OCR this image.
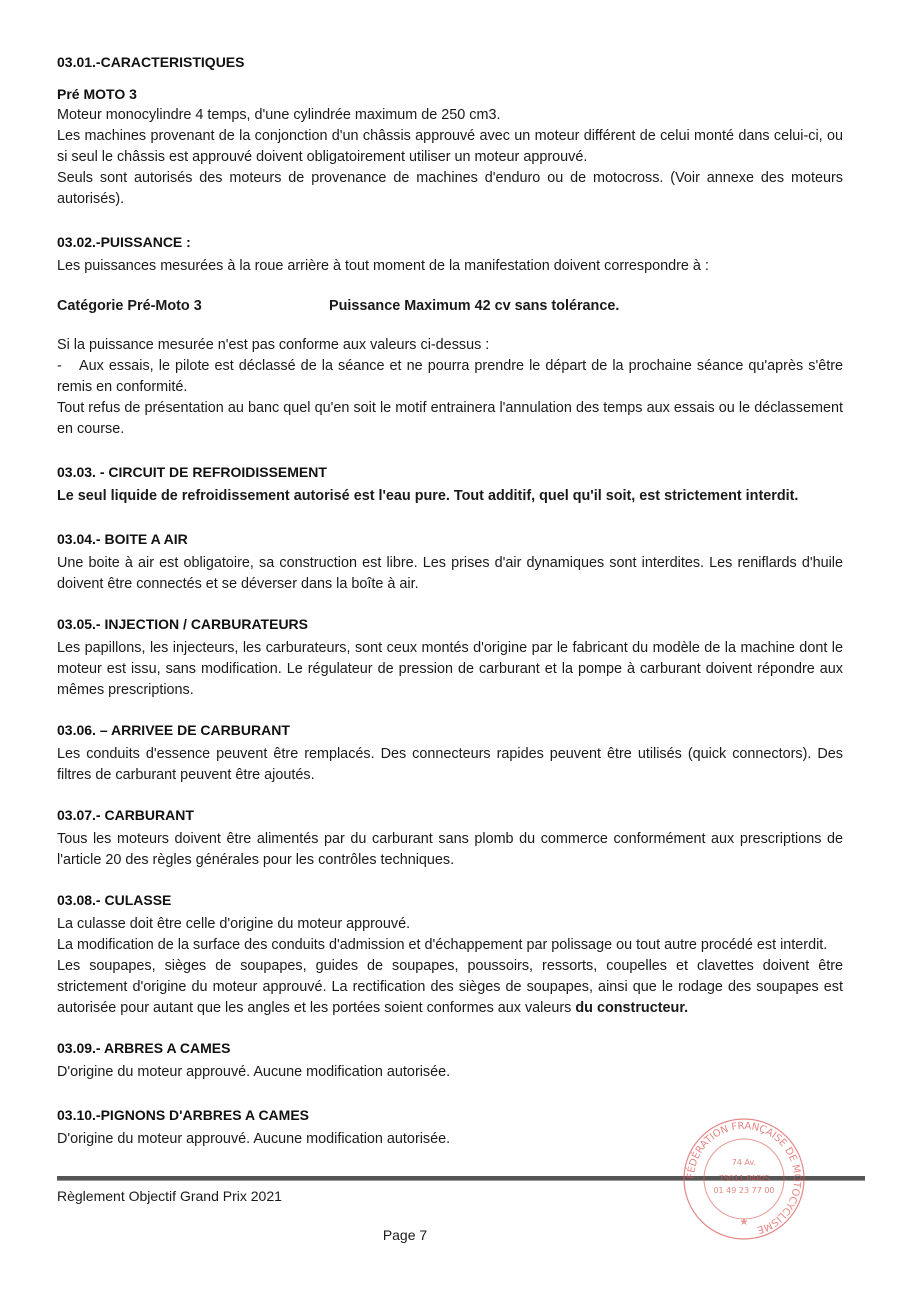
03.01.-CARACTERISTIQUES
Pré MOTO 3

Moteur monocylindre 4 temps, d'une cylindrée maximum de 250 cm3.

Les machines provenant de la conjonction d'un châssis approuvé avec un moteur différent de celui monté dans celui-ci, ou si seul le châssis est approuvé doivent obligatoirement utiliser un moteur approuvé.

Seuls sont autorisés des moteurs de provenance de machines d'enduro ou de motocross. (Voir annexe des moteurs autorisés).

03.02.-PUISSANCE :

Les puissances mesurées à la roue arrière à tout moment de la manifestation doivent correspondre à :

Catégorie Pré-Moto 3	Puissance Maximum 42 cv sans tolérance.

Si la puissance mesurée n'est pas conforme aux valeurs ci-dessus :

- Aux essais, le pilote est déclassé de la séance et ne pourra prendre le départ de la prochaine séance qu'après s'être remis en conformité.

Tout refus de présentation au banc quel qu'en soit le motif entrainera l'annulation des temps aux essais ou le déclassement en course.

03.03. - CIRCUIT DE REFROIDISSEMENT

Le seul liquide de refroidissement autorisé est l'eau pure. Tout additif, quel qu'il soit, est strictement interdit.

03.04.- BOITE A AIR

Une boite à air est obligatoire, sa construction est libre. Les prises d'air dynamiques sont interdites. Les reniflards d'huile doivent être connectés et se déverser dans la boîte à air.

03.05.- INJECTION / CARBURATEURS

Les papillons, les injecteurs, les carburateurs, sont ceux montés d'origine par le fabricant du modèle de la machine dont le moteur est issu, sans modification. Le régulateur de pression de carburant et la pompe à carburant doivent répondre aux mêmes prescriptions.

03.06. – ARRIVEE DE CARBURANT

Les conduits d'essence peuvent être remplacés. Des connecteurs rapides peuvent être utilisés (quick connectors). Des filtres de carburant peuvent être ajoutés.

03.07.- CARBURANT

Tous les moteurs doivent être alimentés par du carburant sans plomb du commerce conformément aux prescriptions de l'article 20 des règles générales pour les contrôles techniques.

03.08.- CULASSE

La culasse doit être celle d'origine du moteur approuvé.

La modification de la surface des conduits d'admission et d'échappement par polissage ou tout autre procédé est interdit.

Les soupapes, sièges de soupapes, guides de soupapes, poussoirs, ressorts, coupelles et clavettes doivent être strictement d'origine du moteur approuvé. La rectification des sièges de soupapes, ainsi que le rodage des soupapes est autorisée pour autant que les angles et les portées soient conformes aux valeurs du constructeur.

03.09.- ARBRES A CAMES

D'origine du moteur approuvé. Aucune modification autorisée.

03.10.-PIGNONS D'ARBRES A CAMES

D'origine du moteur approuvé. Aucune modification autorisée.

Règlement Objectif Grand Prix 2021
Page 7
FÉDÉRATION FRANÇAISE DE MOTOCYCLISME
74 Av.
75011 PARIS
01 49 23 77 00
★
